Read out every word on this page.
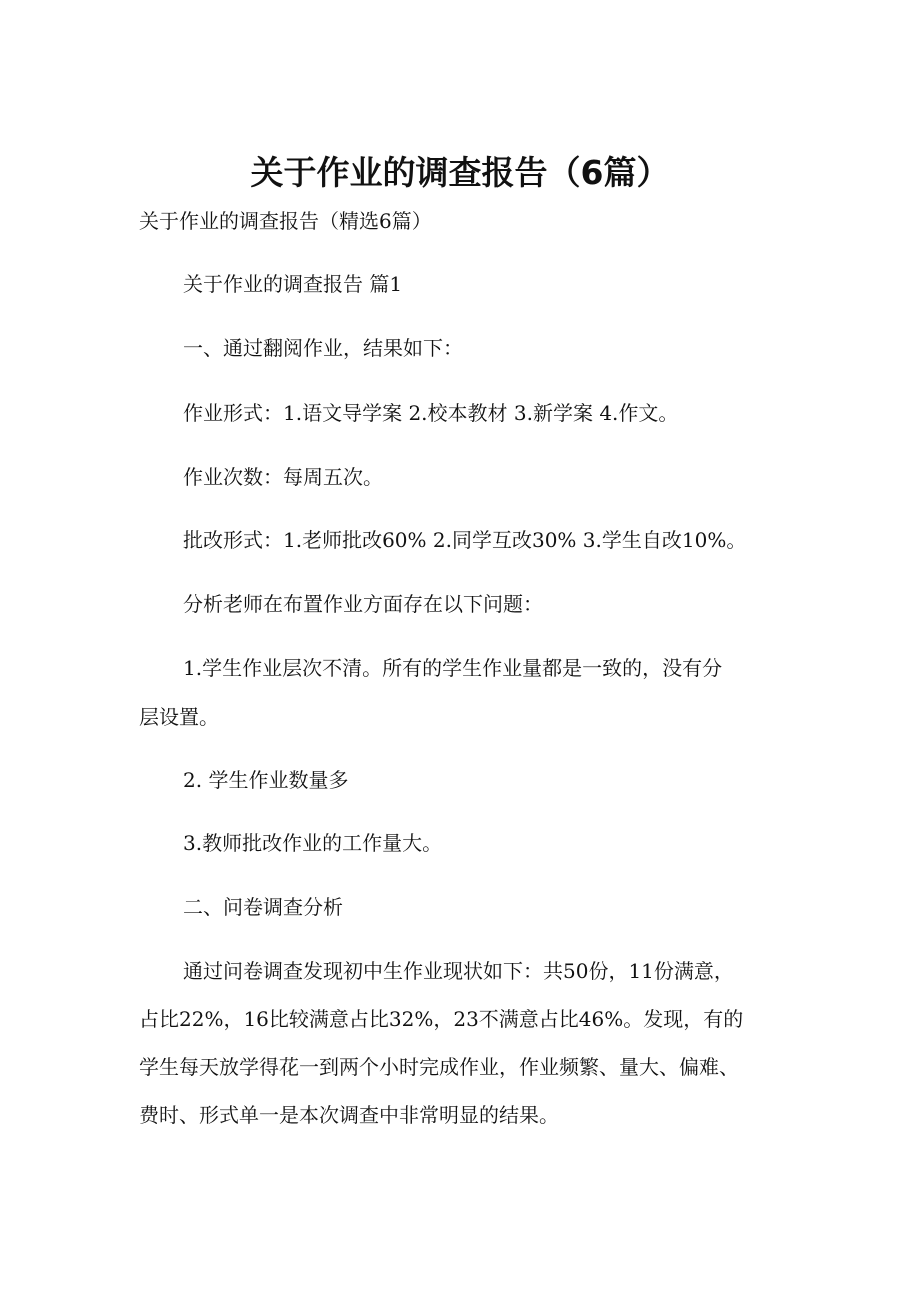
关于作业的调查报告（6篇）
关于作业的调查报告（精选6篇）
关于作业的调查报告 篇1
一、通过翻阅作业，结果如下：
作业形式：1.语文导学案 2.校本教材 3.新学案 4.作文。
作业次数：每周五次。
批改形式：1.老师批改60% 2.同学互改30% 3.学生自改10%。
分析老师在布置作业方面存在以下问题：
1.学生作业层次不清。所有的学生作业量都是一致的，没有分
层设置。
2. 学生作业数量多
3.教师批改作业的工作量大。
二、问卷调查分析
通过问卷调查发现初中生作业现状如下：共50份，11份满意，
占比22%，16比较满意占比32%，23不满意占比46%。发现，有的
学生每天放学得花一到两个小时完成作业，作业频繁、量大、偏难、
费时、形式单一是本次调查中非常明显的结果。
